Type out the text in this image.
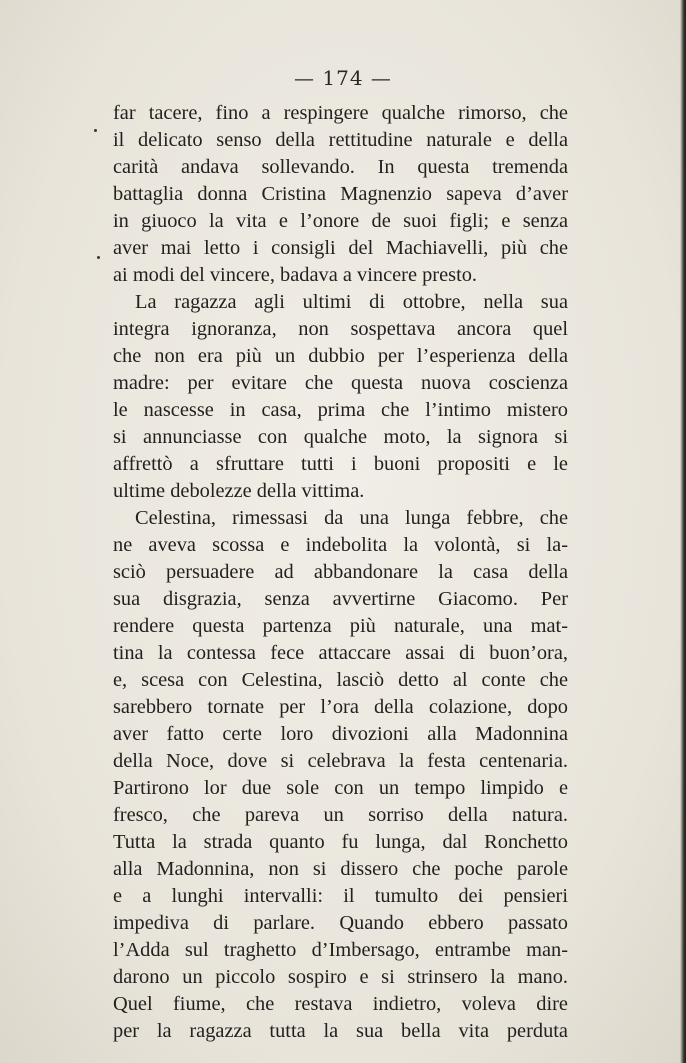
— 174 —
far tacere, fino a respingere qualche rimorso, che
il delicato senso della rettitudine naturale e della
carità andava sollevando. In questa tremenda
battaglia donna Cristina Magnenzio sapeva d’aver
in giuoco la vita e l’onore de suoi figli; e senza
aver mai letto i consigli del Machiavelli, più che
ai modi del vincere, badava a vincere presto.
La ragazza agli ultimi di ottobre, nella sua
integra ignoranza, non sospettava ancora quel
che non era più un dubbio per l’esperienza della
madre: per evitare che questa nuova coscienza
le nascesse in casa, prima che l’intimo mistero
si annunciasse con qualche moto, la signora si
affrettò a sfruttare tutti i buoni propositi e le
ultime debolezze della vittima.
Celestina, rimessasi da una lunga febbre, che
ne aveva scossa e indebolita la volontà, si la-
sciò persuadere ad abbandonare la casa della
sua disgrazia, senza avvertirne Giacomo. Per
rendere questa partenza più naturale, una mat-
tina la contessa fece attaccare assai di buon’ora,
e, scesa con Celestina, lasciò detto al conte che
sarebbero tornate per l’ora della colazione, dopo
aver fatto certe loro divozioni alla Madonnina
della Noce, dove si celebrava la festa centenaria.
Partirono lor due sole con un tempo limpido e
fresco, che pareva un sorriso della natura.
Tutta la strada quanto fu lunga, dal Ronchetto
alla Madonnina, non si dissero che poche parole
e a lunghi intervalli: il tumulto dei pensieri
impediva di parlare. Quando ebbero passato
l’Adda sul traghetto d’Imbersago, entrambe man-
darono un piccolo sospiro e si strinsero la mano.
Quel fiume, che restava indietro, voleva dire
per la ragazza tutta la sua bella vita perduta
